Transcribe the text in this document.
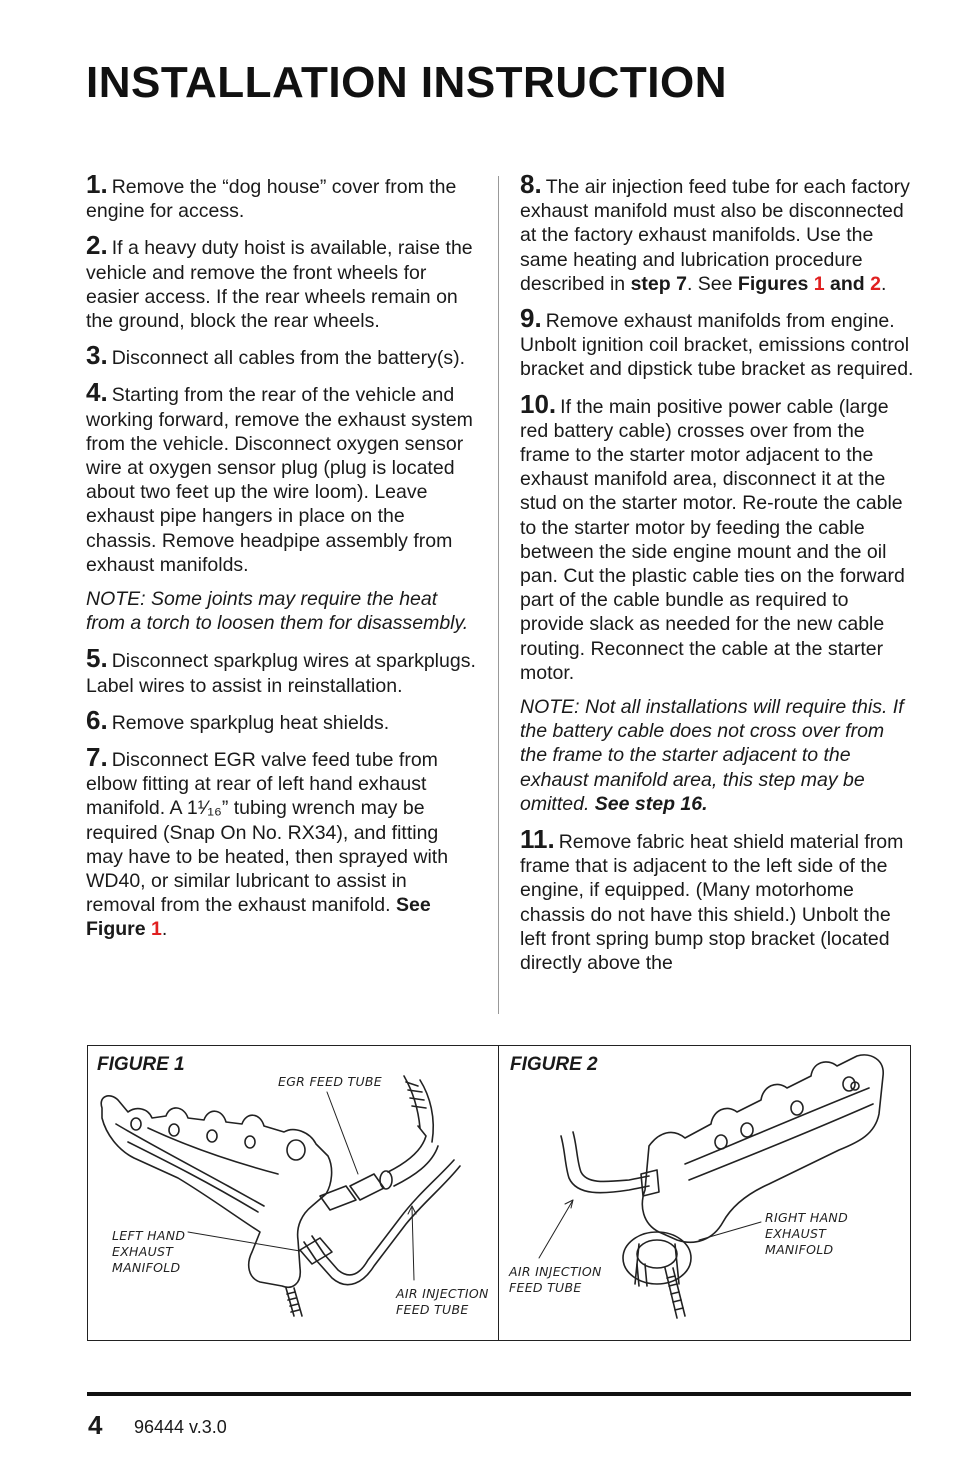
INSTALLATION INSTRUCTION

1. Remove the “dog house” cover from the engine for access.

2. If a heavy duty hoist is available, raise the vehicle and remove the front wheels for easier access. If the rear wheels remain on the ground, block the rear wheels.

3. Disconnect all cables from the battery(s).

4. Starting from the rear of the vehicle and working forward, remove the exhaust system from the vehicle. Disconnect oxygen sensor wire at oxygen sensor plug (plug is located about two feet up the wire loom). Leave exhaust pipe hangers in place on the chassis. Remove headpipe assembly from exhaust manifolds.

NOTE: Some joints may require the heat from a torch to loosen them for disassembly.

5. Disconnect sparkplug wires at sparkplugs. Label wires to assist in reinstallation.

6. Remove sparkplug heat shields.

7. Disconnect EGR valve feed tube from elbow fitting at rear of left hand exhaust manifold. A 1¹⁄₁₆” tubing wrench may be required (Snap On No. RX34), and fitting may have to be heated, then sprayed with WD40, or similar lubricant to assist in removal from the exhaust manifold. See Figure 1.

8. The air injection feed tube for each factory exhaust manifold must also be disconnected at the factory exhaust manifolds. Use the same heating and lubrication procedure described in step 7. See Figures 1 and 2.

9. Remove exhaust manifolds from engine. Unbolt ignition coil bracket, emissions control bracket and dipstick tube bracket as required.

10. If the main positive power cable (large red battery cable) crosses over from the frame to the starter motor adjacent to the exhaust manifold area, disconnect it at the stud on the starter motor. Re-route the cable to the starter motor by feeding the cable between the side engine mount and the oil pan. Cut the plastic cable ties on the forward part of the cable bundle as required to provide slack as needed for the new cable routing. Reconnect the cable at the starter motor.

NOTE: Not all installations will require this. If the battery cable does not cross over from the frame to the starter adjacent to the exhaust manifold area, this step may be omitted. See step 16.

11. Remove fabric heat shield material from frame that is adjacent to the left side of the engine, if equipped. (Many motorhome chassis do not have this shield.) Unbolt the left front spring bump stop bracket (located directly above the

FIGURE 1
EGR FEED TUBE
LEFT HAND
EXHAUST
MANIFOLD
AIR INJECTION
FEED TUBE
FIGURE 2
RIGHT HAND
EXHAUST
MANIFOLD
AIR INJECTION
FEED TUBE
4 96444 v.3.0
